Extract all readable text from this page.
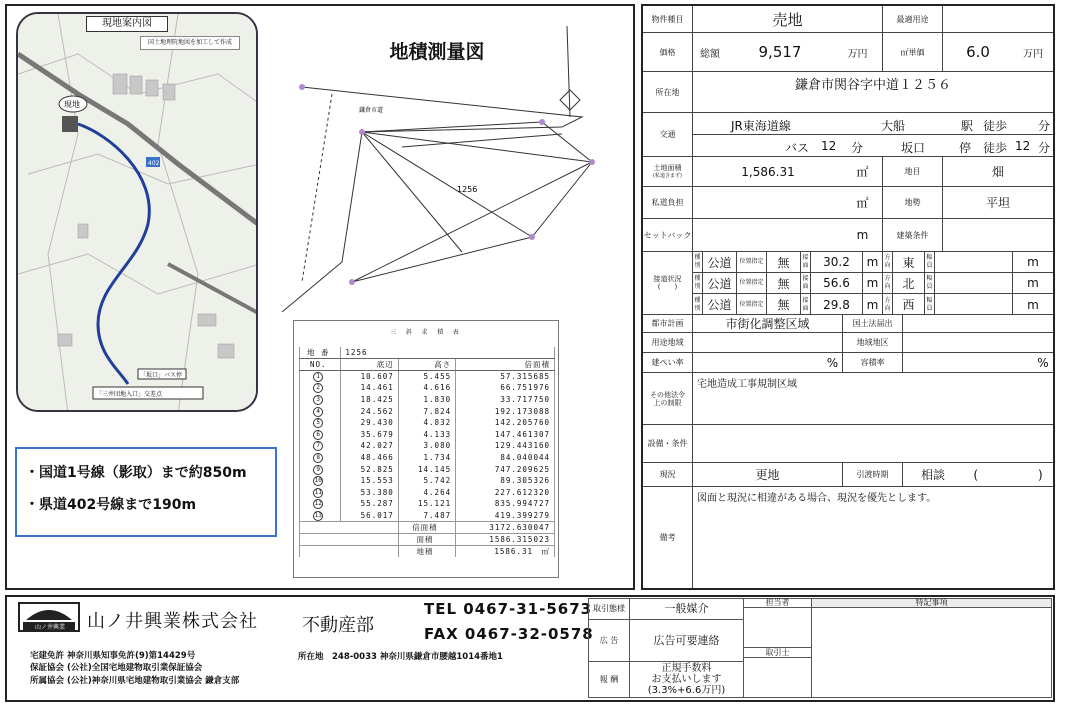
402
現地
「三井団地入口」交差点
「坂口」バス停
現地案内図
国土地理院地図を加工して作成
・国道1号線（影取）まで約850m
・県道402号線まで190m
1256
鎌倉市道
地積測量図
三 斜 求 積 表
地 番	1256		
NO.	底辺	高さ	倍面積
1	10.607	5.455	57.315685
2	14.461	4.616	66.751976
3	18.425	1.830	33.717750
4	24.562	7.824	192.173088
5	29.430	4.832	142.205760
6	35.679	4.133	147.461307
7	42.027	3.080	129.443160
8	48.466	1.734	84.040044
9	52.825	14.145	747.209625
10	15.553	5.742	89.305326
11	53.380	4.264	227.612320
12	55.287	15.121	835.994727
13	56.017	7.487	419.399279
		倍面積	3172.630047
		面積	1586.315023
		地積	1586.31　㎡
物件種目	売地	最適用途
価格	総額	9,517	万円	㎡単価	6.0	万円
所在地	鎌倉市関谷字中道１２５６
交通
JR東海道線	大船	駅 徒歩	分
バス 12 分	坂口	停 徒歩 12 分
土地面積
(私道含まず)	1,586.31	㎡	地目	畑
私道負担	㎡	地勢	平坦
セットバック	m	建築条件
接道状況
(　　)
種別 公道	位置指定	無	接面	30.2	m	方向 東	幅員	m
種別 公道	位置指定	無	接面	56.6	m	方向 北	幅員	m
種別 公道	位置指定	無	接面	29.8	m	方向 西	幅員	m
都市計画	市街化調整区域	国土法届出
用途地域	地域地区
建ぺい率	%	容積率	%
その他法令上の制限
宅地造成工事規制区域
設備・条件
現況	更地	引渡時期	相談	(　　　　　)
備考
図面と現況に相違がある場合、現況を優先とします。
山ノ井興業 山ノ井興業株式会社 不動産部
TEL 0467-31-5673
FAX 0467-32-0578
宅建免許 神奈川県知事免許(9)第14429号
保証協会 (公社)全国宅地建物取引業保証協会
所属協会 (公社)神奈川県宅地建物取引業協会 鎌倉支部
所在地　248-0033 神奈川県鎌倉市腰越1014番地1
取引態様	一般媒介	担当者	特記事項
広 告	広告可要連絡
取引士
報 酬
正規手数料
お支払いします
(3.3%+6.6万円)
